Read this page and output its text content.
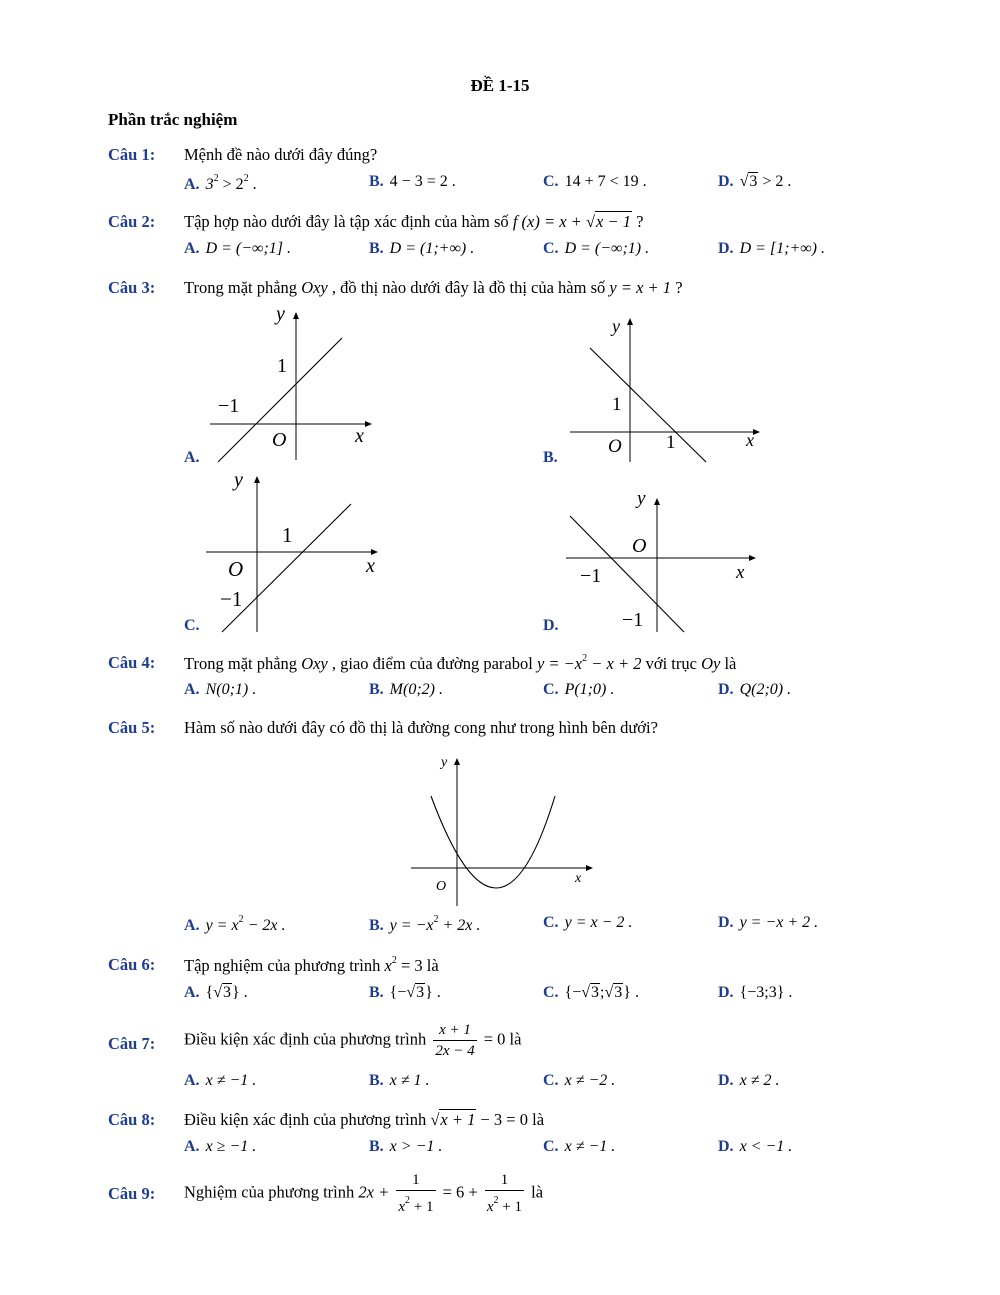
ĐỀ 1-15
Phần trắc nghiệm
Câu 1: Mệnh đề nào dưới đây đúng?
A. $3^2 > 2^2$ .	B. 4 − 3 = 2 .	C. 14 + 7 < 19 .	D. √3 > 2 .
Câu 2: Tập hợp nào dưới đây là tập xác định của hàm số f (x) = x + √x − 1 ?
A. D = (−∞;1] .	B. D = (1;+∞) .	C. D = (−∞;1) .	D. D = [1;+∞) .
Câu 3: Trong mặt phẳng Oxy , đồ thị nào dưới đây là đồ thị của hàm số y = x + 1 ?
A.
y
x
O
1
−1
B.
y
x
O
1
1
C.
y
x
O
1
−1
D.
y
x
O
−1
−1
Câu 4: Trong mặt phẳng Oxy , giao điểm của đường parabol $y = -x^2 - x + 2$ với trục Oy là
A. N(0;1) .	B. M(0;2) .	C. P(1;0) .	D. Q(2;0) .
Câu 5: Hàm số nào dưới đây có đồ thị là đường cong như trong hình bên dưới?
y
x
O
A. $y = x^2 - 2x$ .	B. $y = -x^2 + 2x$ .	C. y = x − 2 .	D. y = −x + 2 .
Câu 6: Tập nghiệm của phương trình $x^2 = 3$ là
A. {√3} .	B. {−√3} .	C. {−√3;√3} .	D. {−3;3} .
Câu 7: Điều kiện xác định của phương trình $\frac{x + 1}{2x - 4} = 0$ là
A. x ≠ −1 .	B. x ≠ 1 .	C. x ≠ −2 .	D. x ≠ 2 .
Câu 8: Điều kiện xác định của phương trình √x + 1 − 3 = 0 là
A. x ≥ −1 .	B. x > −1 .	C. x ≠ −1 .	D. x < −1 .
Câu 9: Nghiệm của phương trình $2x + \frac{1}{x^2 + 1} = 6 + \frac{1}{x^2 + 1}$ là
